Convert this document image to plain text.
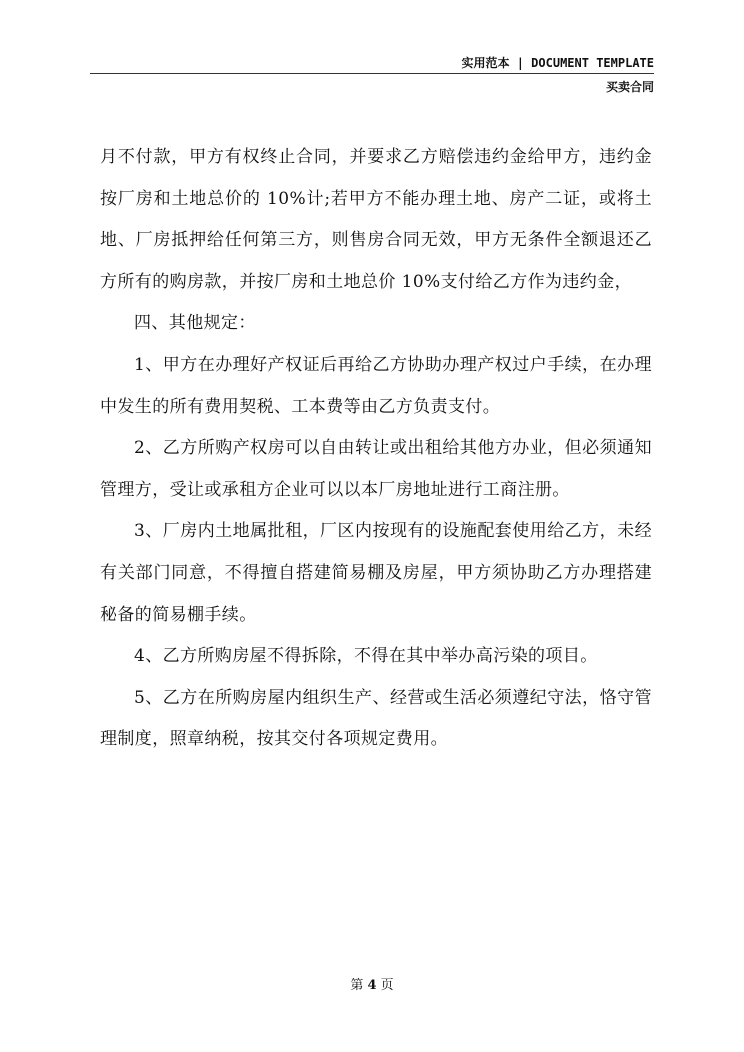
实用范本 | DOCUMENT TEMPLATE
买卖合同

月不付款，甲方有权终止合同，并要求乙方赔偿违约金给甲方，违约金按厂房和土地总价的 10%计;若甲方不能办理土地、房产二证，或将土地、厂房抵押给任何第三方，则售房合同无效，甲方无条件全额退还乙方所有的购房款，并按厂房和土地总价 10%支付给乙方作为违约金，

四、其他规定：

1、甲方在办理好产权证后再给乙方协助办理产权过户手续，在办理中发生的所有费用契税、工本费等由乙方负责支付。

2、乙方所购产权房可以自由转让或出租给其他方办业，但必须通知管理方，受让或承租方企业可以以本厂房地址进行工商注册。

3、厂房内土地属批租，厂区内按现有的设施配套使用给乙方，未经有关部门同意，不得擅自搭建简易棚及房屋，甲方须协助乙方办理搭建秘备的简易棚手续。

4、乙方所购房屋不得拆除，不得在其中举办高污染的项目。

5、乙方在所购房屋内组织生产、经营或生活必须遵纪守法，恪守管理制度，照章纳税，按其交付各项规定费用。

第 4 页
